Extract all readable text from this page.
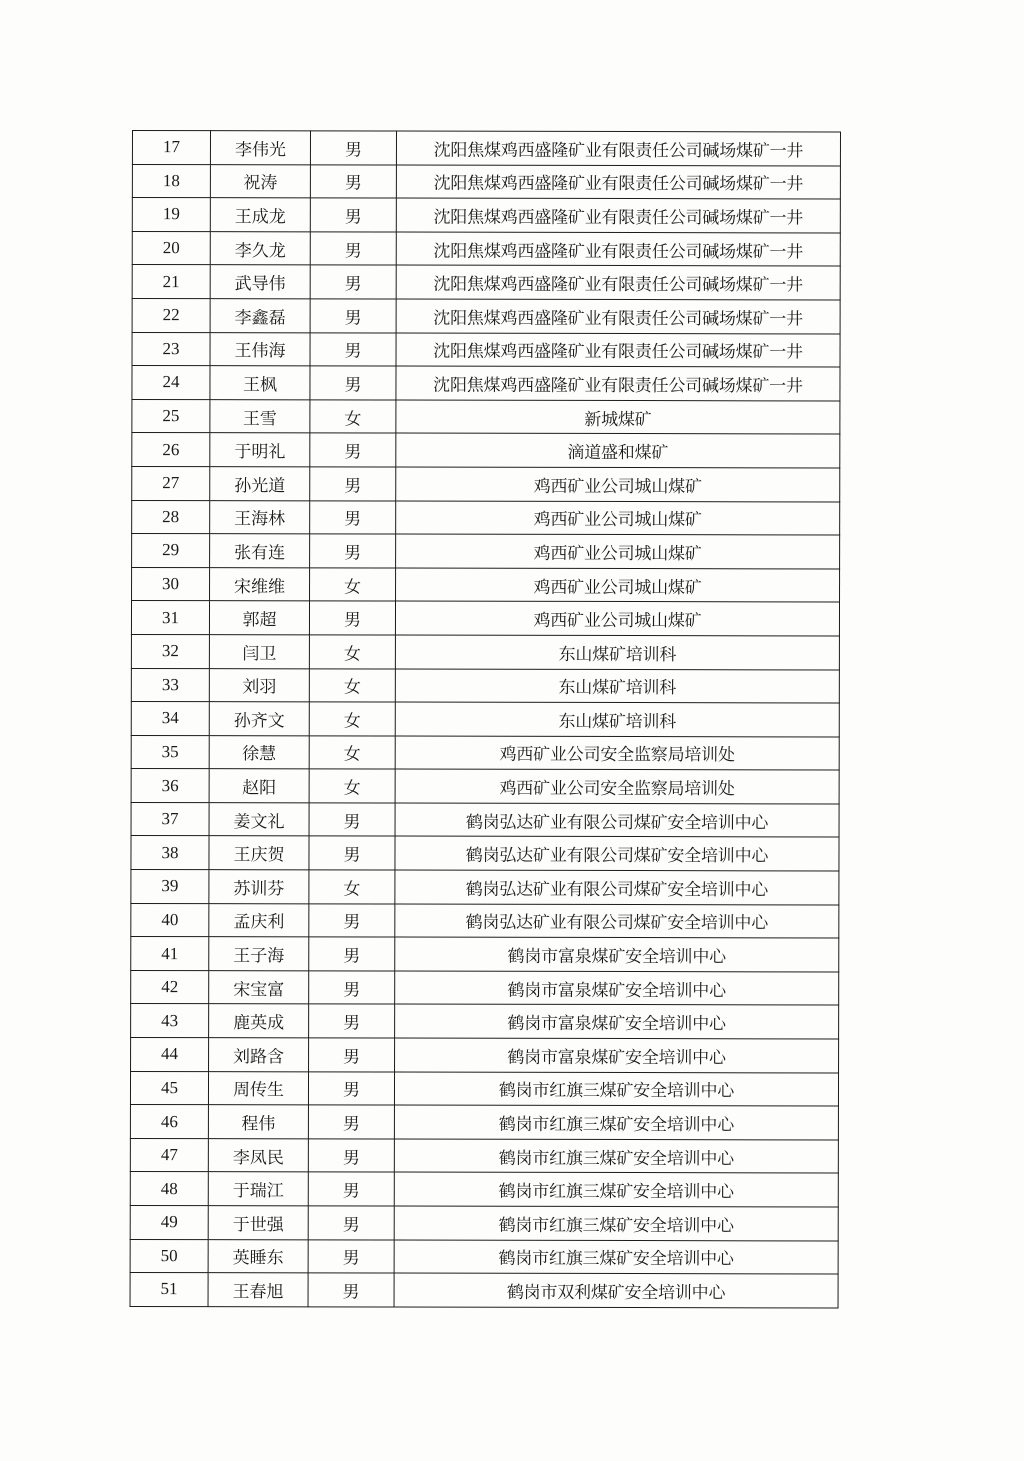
17	李伟光	男	沈阳焦煤鸡西盛隆矿业有限责任公司碱场煤矿一井
18	祝涛	男	沈阳焦煤鸡西盛隆矿业有限责任公司碱场煤矿一井
19	王成龙	男	沈阳焦煤鸡西盛隆矿业有限责任公司碱场煤矿一井
20	李久龙	男	沈阳焦煤鸡西盛隆矿业有限责任公司碱场煤矿一井
21	武导伟	男	沈阳焦煤鸡西盛隆矿业有限责任公司碱场煤矿一井
22	李鑫磊	男	沈阳焦煤鸡西盛隆矿业有限责任公司碱场煤矿一井
23	王伟海	男	沈阳焦煤鸡西盛隆矿业有限责任公司碱场煤矿一井
24	王枫	男	沈阳焦煤鸡西盛隆矿业有限责任公司碱场煤矿一井
25	王雪	女	新城煤矿
26	于明礼	男	滴道盛和煤矿
27	孙光道	男	鸡西矿业公司城山煤矿
28	王海林	男	鸡西矿业公司城山煤矿
29	张有连	男	鸡西矿业公司城山煤矿
30	宋维维	女	鸡西矿业公司城山煤矿
31	郭超	男	鸡西矿业公司城山煤矿
32	闫卫	女	东山煤矿培训科
33	刘羽	女	东山煤矿培训科
34	孙齐文	女	东山煤矿培训科
35	徐慧	女	鸡西矿业公司安全监察局培训处
36	赵阳	女	鸡西矿业公司安全监察局培训处
37	姜文礼	男	鹤岗弘达矿业有限公司煤矿安全培训中心
38	王庆贺	男	鹤岗弘达矿业有限公司煤矿安全培训中心
39	苏训芬	女	鹤岗弘达矿业有限公司煤矿安全培训中心
40	孟庆利	男	鹤岗弘达矿业有限公司煤矿安全培训中心
41	王子海	男	鹤岗市富泉煤矿安全培训中心
42	宋宝富	男	鹤岗市富泉煤矿安全培训中心
43	鹿英成	男	鹤岗市富泉煤矿安全培训中心
44	刘路含	男	鹤岗市富泉煤矿安全培训中心
45	周传生	男	鹤岗市红旗三煤矿安全培训中心
46	程伟	男	鹤岗市红旗三煤矿安全培训中心
47	李凤民	男	鹤岗市红旗三煤矿安全培训中心
48	于瑞江	男	鹤岗市红旗三煤矿安全培训中心
49	于世强	男	鹤岗市红旗三煤矿安全培训中心
50	英睡东	男	鹤岗市红旗三煤矿安全培训中心
51	王春旭	男	鹤岗市双利煤矿安全培训中心
